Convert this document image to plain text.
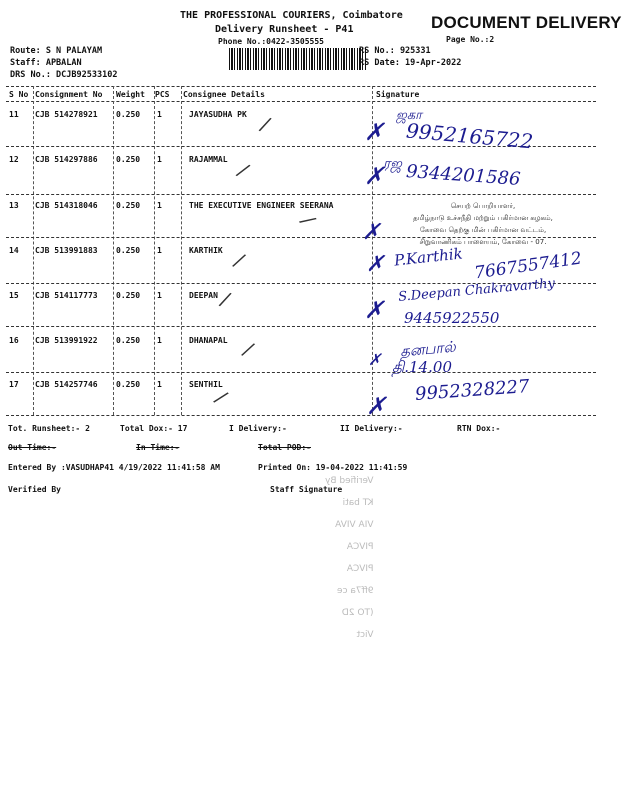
THE PROFESSIONAL COURIERS, Coimbatore
Delivery Runsheet - P41
Phone No.:0422-3505555
DOCUMENT DELIVERY
Page No.:2
Route: S N PALAYAM
Staff: APBALAN
DRS No.: DCJB92533102
RS No.: 925331
RS Date: 19-Apr-2022
S No Consignment No Weight PCS Consignee Details	Signature
11 CJB 514278921 0.250 1	JAYASUDHA PK
12 CJB 514297886 0.250 1	RAJAMMAL
13 CJB 514318046 0.250 1	THE EXECUTIVE ENGINEER SEERANA
14 CJB 513991883 0.250 1	KARTHIK
15 CJB 514117773 0.250 1	DEEPAN
16 CJB 513991922 0.250 1	DHANAPAL
17 CJB 514257746 0.250 1	SENTHIL
/
/
/
/
/
/
/
✗
ஜகா
9952165722
✗
ரஜ 9344201586
✗
✗ P.Karthik 7667557412
✗
S.Deepan Chakravarthy
9445922550
✗ தனபால்
தி.14.00
✗
9952328227
செயற் பொறியாளர்,
தமிழ்நாடு உச்சநீதி மற்றும் பகிர்மான கழகம்,
கோவை தெற்கு மின் பகிர்மான வட்டம்,
சிறுவாணிகம் பாளையம், கோவை - 07.
Tot. Runsheet:- 2	Total Dox:- 17	I Delivery:-	II Delivery:-	RTN Dox:-
Out Time:-	In Time:-	Total POD:-
Entered By :VASUDHAP41 4/19/2022 11:41:58 AM	Printed On: 19-04-2022 11:41:59
Verified By	Staff Signature
Verified By
KT bati
VIA VIVA
PIVCA
PIVCA
9ff7a ce
(TO 2D
Vict
